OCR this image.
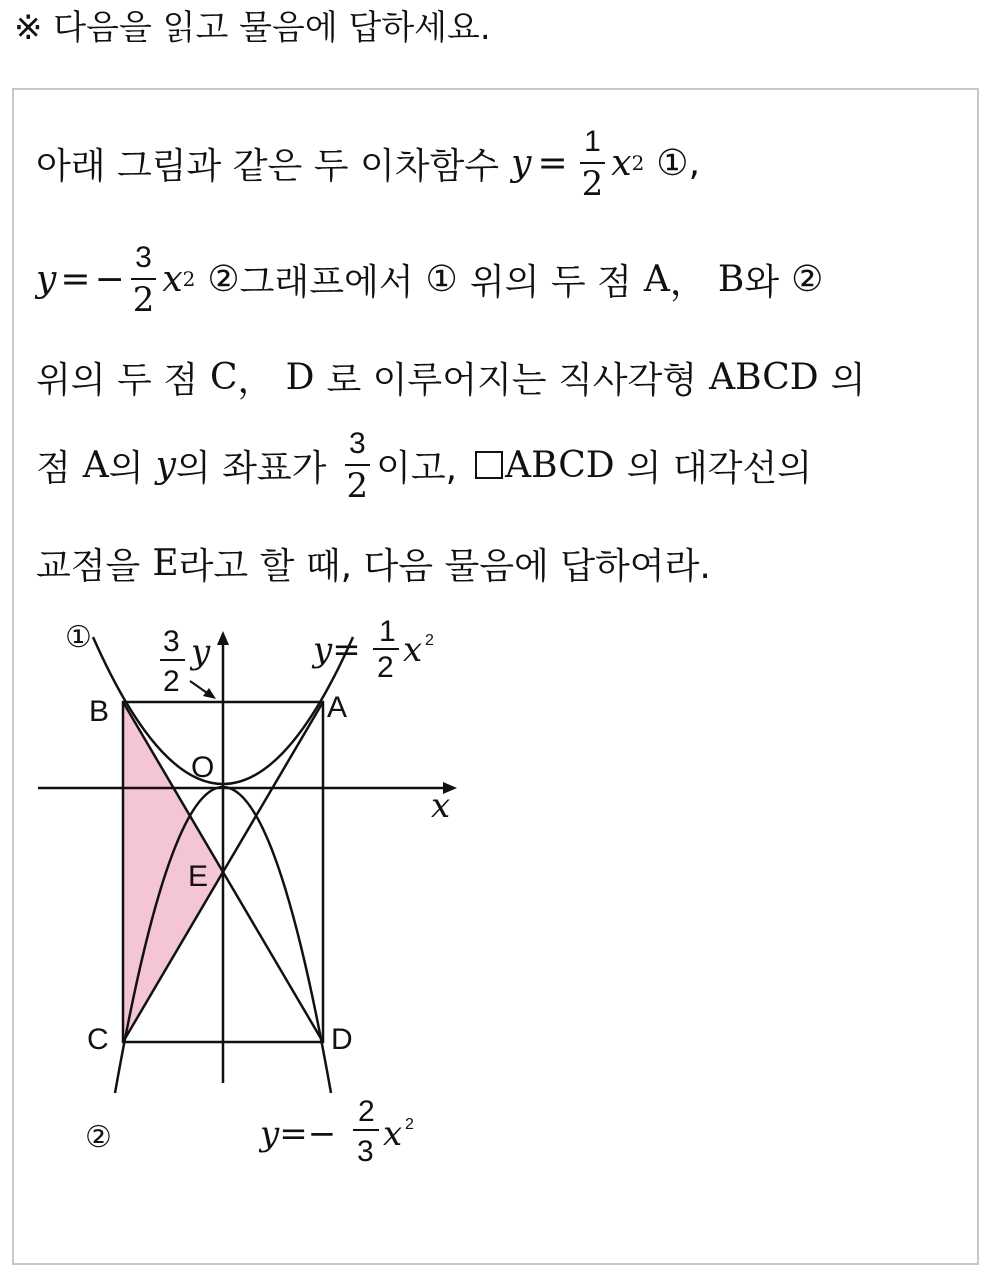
※ 다음을 읽고 물음에 답하세요.
아래 그림과 같은 두 이차함수 $y = \frac{1}{2}$ x 2 ① ,
y = − $\frac{3}{2}$ x 2 ② 그래프에서 ① 위의 두 점 A ， B 와 ②
위의 두 점 C ， D 로 이루어지는 직사각형 ABCD 의
점 A 의 y 의 좌표가 $\frac{3}{2}$ 이고, ABCD 의 대각선의
교점을 E 라고 할 때, 다음 물음에 답하여라.
①
②
B	A
C	D
E
O
x
y
3
2
y= 1
2 x 2
y=−
2
3 x 2
